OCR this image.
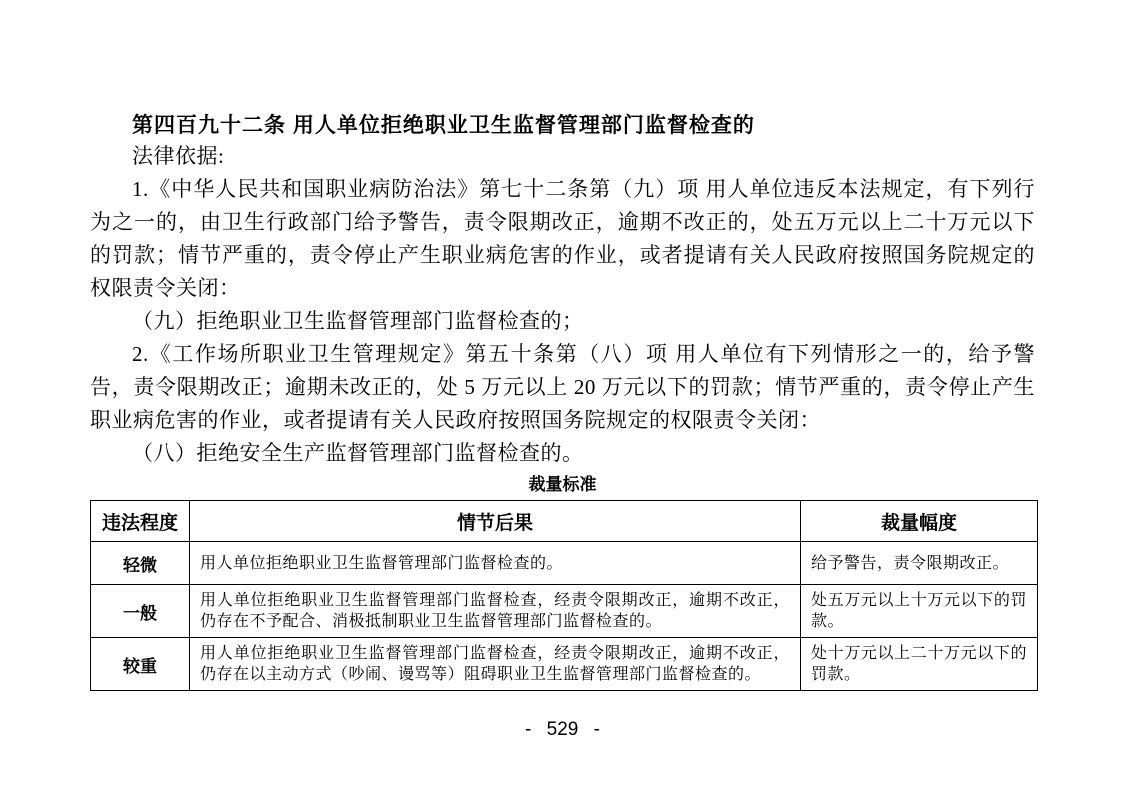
第四百九十二条 用人单位拒绝职业卫生监督管理部门监督检查的

法律依据:

1.《中华人民共和国职业病防治法》第七十二条第（九）项 用人单位违反本法规定，有下列行为之一的，由卫生行政部门给予警告，责令限期改正，逾期不改正的，处五万元以上二十万元以下的罚款；情节严重的，责令停止产生职业病危害的作业，或者提请有关人民政府按照国务院规定的权限责令关闭：

（九）拒绝职业卫生监督管理部门监督检查的；

2.《工作场所职业卫生管理规定》第五十条第（八）项 用人单位有下列情形之一的，给予警告，责令限期改正；逾期未改正的，处 5 万元以上 20 万元以下的罚款；情节严重的，责令停止产生职业病危害的作业，或者提请有关人民政府按照国务院规定的权限责令关闭：

（八）拒绝安全生产监督管理部门监督检查的。

裁量标准
违法程度	情节后果	裁量幅度
轻微	用人单位拒绝职业卫生监督管理部门监督检查的。	给予警告，责令限期改正。
一般	用人单位拒绝职业卫生监督管理部门监督检查，经责令限期改正，逾期不改正，仍存在不予配合、消极抵制职业卫生监督管理部门监督检查的。	处五万元以上十万元以下的罚款。
较重	用人单位拒绝职业卫生监督管理部门监督检查，经责令限期改正，逾期不改正，仍存在以主动方式（吵闹、谩骂等）阻碍职业卫生监督管理部门监督检查的。	处十万元以上二十万元以下的罚款。
- 529 -
